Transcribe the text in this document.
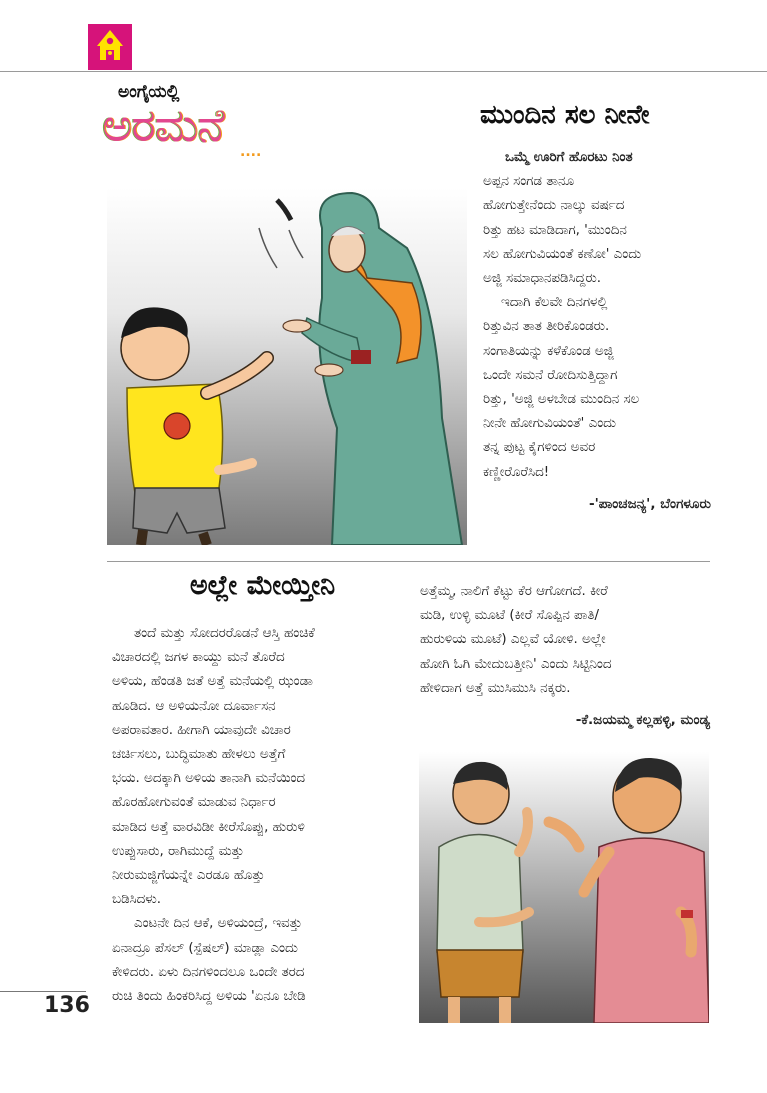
ಅಂಗೈಯಲ್ಲಿ
ಅರಮನೆ ....
ಮುಂದಿನ ಸಲ ನೀನೇ

ಒಮ್ಮೆ ಊರಿಗೆ ಹೊರಟು ನಿಂತ

ಅಪ್ಪನ ಸಂಗಡ ತಾನೂ

ಹೋಗುತ್ತೇನೆಂದು ನಾಲ್ಕು ವರ್ಷದ

ರಿತ್ತು ಹಟ ಮಾಡಿದಾಗ, 'ಮುಂದಿನ

ಸಲ ಹೋಗುವಿಯಂತೆ ಕಣೋ' ಎಂದು

ಅಜ್ಜಿ ಸಮಾಧಾನಪಡಿಸಿದ್ದರು.

ಇದಾಗಿ ಕೆಲವೇ ದಿನಗಳಲ್ಲಿ

ರಿತ್ತುವಿನ ತಾತ ತೀರಿಕೊಂಡರು.

ಸಂಗಾತಿಯನ್ನು ಕಳೆಕೊಂಡ ಅಜ್ಜಿ

ಒಂದೇ ಸಮನೆ ರೋದಿಸುತ್ತಿದ್ದಾಗ

ರಿತ್ತು, 'ಅಜ್ಜಿ ಅಳಬೇಡ ಮುಂದಿನ ಸಲ

ನೀನೇ ಹೋಗುವಿಯಂತೆ' ಎಂದು

ತನ್ನ ಪುಟ್ಟ ಕೈಗಳಿಂದ ಅವರ

ಕಣ್ಣೀರೊರೆಸಿದ!

-'ಪಾಂಚಜನ್ಯ', ಬೆಂಗಳೂರು
ಅಲ್ಲೇ ಮೇಯ್ತೀನಿ

ತಂದೆ ಮತ್ತು ಸೋದರರೊಡನೆ ಆಸ್ತಿ ಹಂಚಿಕೆ

ವಿಚಾರದಲ್ಲಿ ಜಗಳ ಕಾಯ್ದು ಮನೆ ತೊರೆದ

ಅಳಿಯ, ಹೆಂಡತಿ ಜತೆ ಅತ್ತೆ ಮನೆಯಲ್ಲಿ ಝಂಡಾ

ಹೂಡಿದ. ಆ ಅಳಿಯನೋ ದೂರ್ವಾಸನ

ಅಪರಾವತಾರ. ಹೀಗಾಗಿ ಯಾವುದೇ ವಿಚಾರ

ಚರ್ಚಿಸಲು, ಬುದ್ಧಿಮಾತು ಹೇಳಲು ಅತ್ತೆಗೆ

ಭಯ. ಅದಕ್ಕಾಗಿ ಅಳಿಯ ತಾನಾಗಿ ಮನೆಯಿಂದ

ಹೊರಹೋಗುವಂತೆ ಮಾಡುವ ನಿರ್ಧಾರ

ಮಾಡಿದ ಅತ್ತೆ ವಾರವಿಡೀ ಕೀರೆಸೊಪ್ಪು, ಹುರುಳಿ

ಉಪ್ಪುಸಾರು, ರಾಗಿಮುದ್ದೆ ಮತ್ತು

ನೀರುಮಜ್ಜಿಗೆಯನ್ನೇ ಎರಡೂ ಹೊತ್ತು

ಬಡಿಸಿದಳು.

ಎಂಟನೇ ದಿನ ಆಕೆ, ಅಳಿಯಂದ್ರೆ, ಇವತ್ತು

ಏನಾದ್ರೂ ಪೆಸಲ್ (ಸ್ಪೆಷಲ್) ಮಾಡ್ಲಾ ಎಂದು

ಕೇಳಿದರು. ಏಳು ದಿನಗಳಿಂದಲೂ ಒಂದೇ ತರದ

ರುಚಿ ತಿಂದು ಹಿಂಕರಿಸಿದ್ದ ಅಳಿಯ 'ಏನೂ ಬೇಡಿ

ಅತ್ತೆಮ್ಮ, ನಾಲಿಗೆ ಕೆಟ್ಟು ಕೆರ ಆಗೋಗದೆ. ಕೀರೆ

ಮಡಿ, ಉಳ್ಳಿ ಮೂಟೆ (ಕೀರೆ ಸೊಪ್ಪಿನ ಪಾತಿ/

ಹುರುಳಿಯ ಮೂಟೆ) ಎಲ್ಲವೆ ಯೋಳಿ. ಅಲ್ಲೇ

ಹೋಗಿ ಓಗಿ ಮೇದುಬತ್ತೀನಿ' ಎಂದು ಸಿಟ್ಟಿನಿಂದ

ಹೇಳಿದಾಗ ಅತ್ತೆ ಮುಸಿಮುಸಿ ನಕ್ಕರು.

-ಕೆ.ಜಯಮ್ಮ ಕಲ್ಲಹಳ್ಳಿ, ಮಂಡ್ಯ
136
